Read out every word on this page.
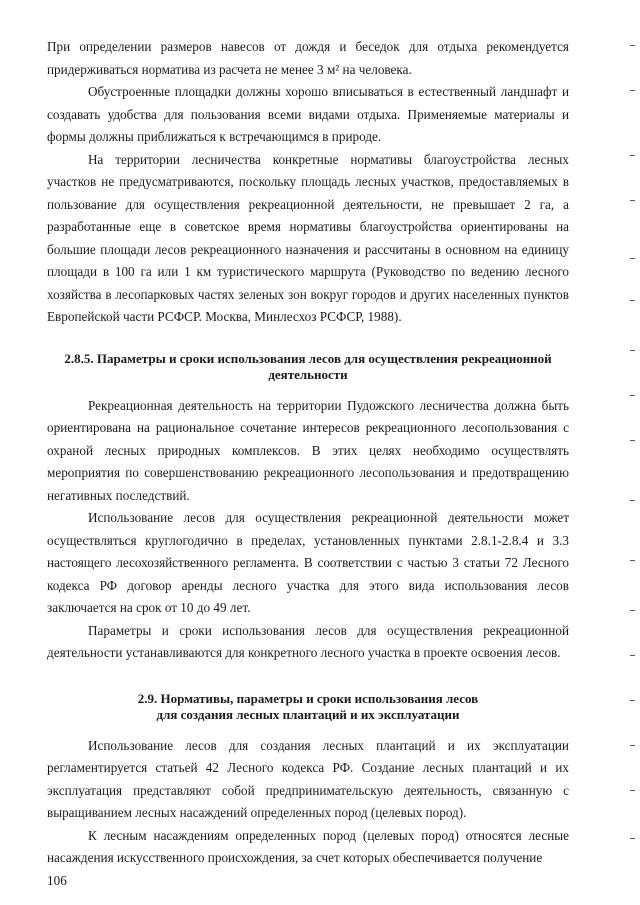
При определении размеров навесов от дождя и беседок для отдыха рекомендуется придерживаться норматива из расчета не менее 3 м² на человека.

Обустроенные площадки должны хорошо вписываться в естественный ландшафт и создавать удобства для пользования всеми видами отдыха. Применяемые материалы и формы должны приближаться к встречающимся в природе.

На территории лесничества конкретные нормативы благоустройства лесных участков не предусматриваются, поскольку площадь лесных участков, предоставляемых в пользование для осуществления рекреационной деятельности, не превышает 2 га, а разработанные еще в советское время нормативы благоустройства ориентированы на большие площади лесов рекреационного назначения и рассчитаны в основном на единицу площади в 100 га или 1 км туристического маршрута (Руководство по ведению лесного хозяйства в лесопарковых частях зеленых зон вокруг городов и других населенных пунктов Европейской части РСФСР. Москва, Минлесхоз РСФСР, 1988).

2.8.5. Параметры и сроки использования лесов для осуществления рекреационной
деятельности

Рекреационная деятельность на территории Пудожского лесничества должна быть ориентирована на рациональное сочетание интересов рекреационного лесопользования с охраной лесных природных комплексов. В этих целях необходимо осуществлять мероприятия по совершенствованию рекреационного лесопользования и предотвращению негативных последствий.

Использование лесов для осуществления рекреационной деятельности может осуществляться круглогодично в пределах, установленных пунктами 2.8.1-2.8.4 и 3.3 настоящего лесохозяйственного регламента. В соответствии с частью 3 статьи 72 Лесного кодекса РФ договор аренды лесного участка для этого вида использования лесов заключается на срок от 10 до 49 лет.

Параметры и сроки использования лесов для осуществления рекреационной деятельности устанавливаются для конкретного лесного участка в проекте освоения лесов.

2.9. Нормативы, параметры и сроки использования лесов
для создания лесных плантаций и их эксплуатации

Использование лесов для создания лесных плантаций и их эксплуатации регламентируется статьей 42 Лесного кодекса РФ. Создание лесных плантаций и их эксплуатация представляют собой предпринимательскую деятельность, связанную с выращиванием лесных насаждений определенных пород (целевых пород).

К лесным насаждениям определенных пород (целевых пород) относятся лесные насаждения искусственного происхождения, за счет которых обеспечивается получение

106
